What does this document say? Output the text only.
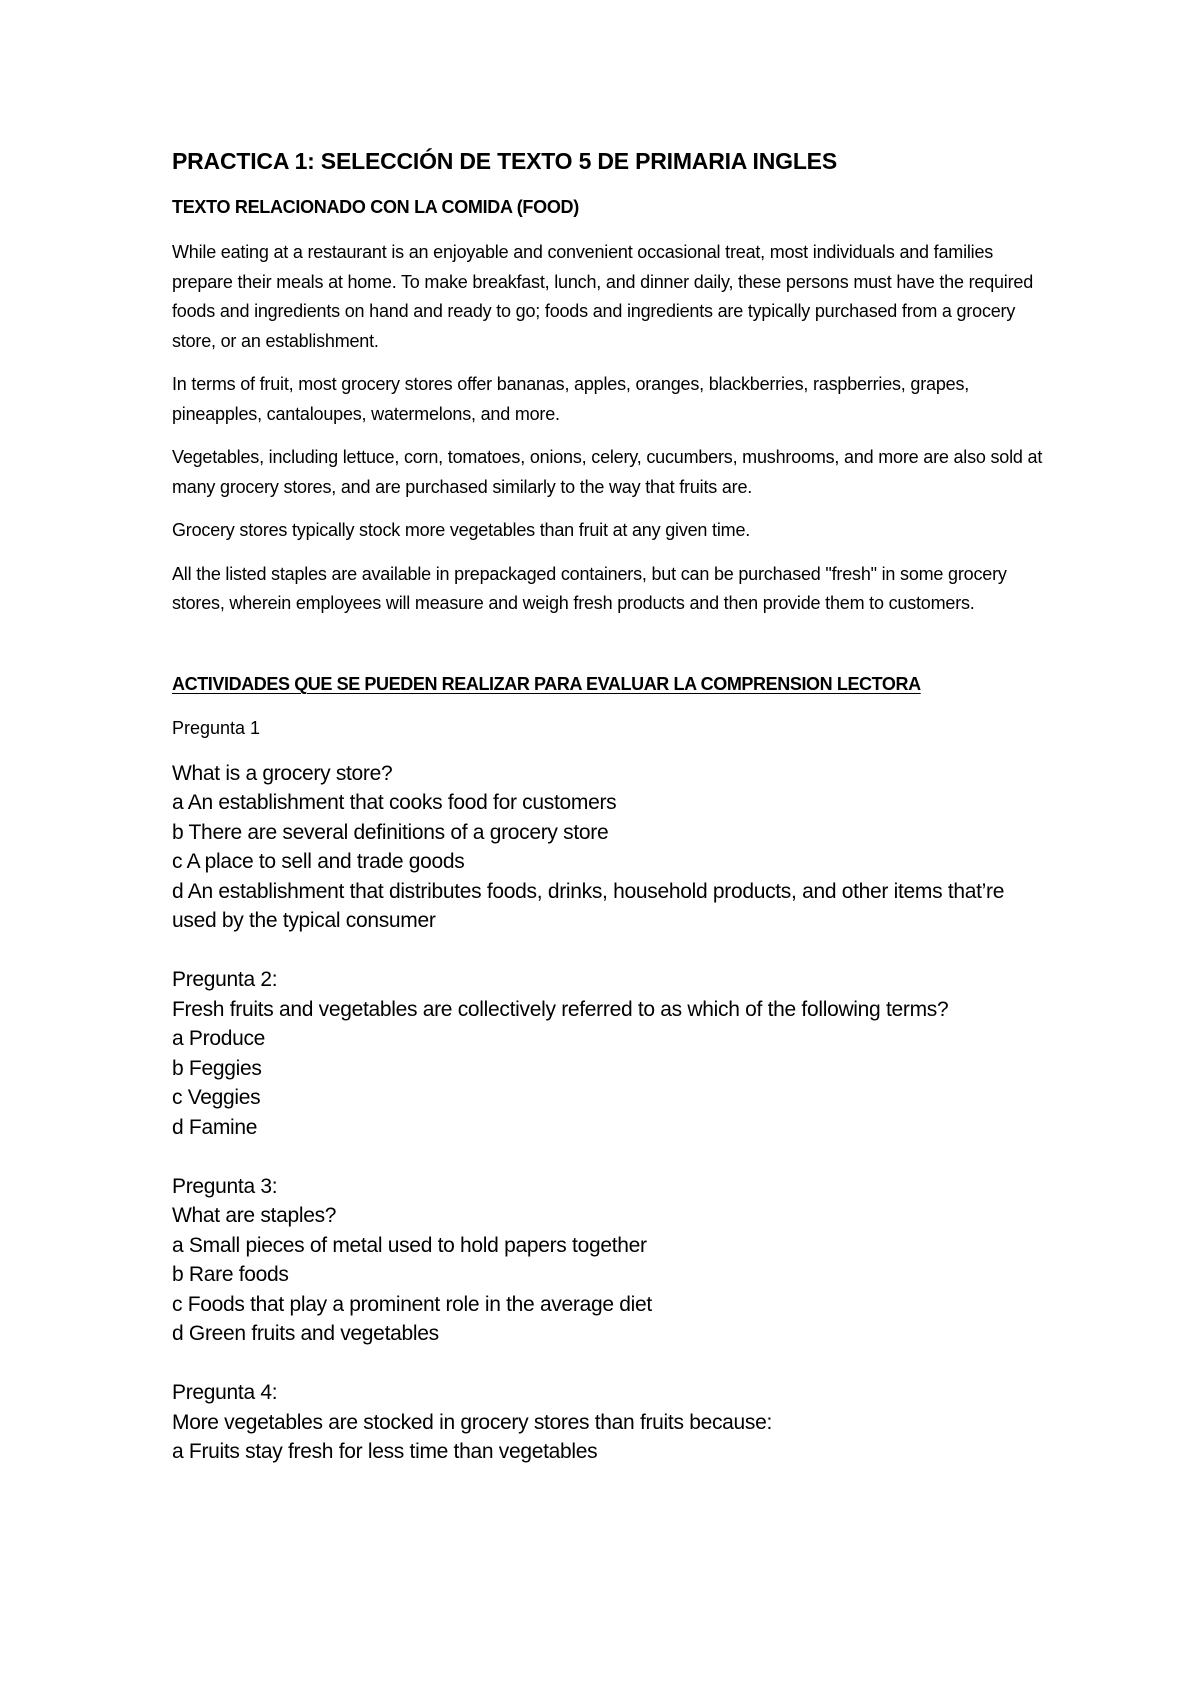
PRACTICA 1: SELECCIÓN DE TEXTO 5 DE PRIMARIA INGLES
TEXTO RELACIONADO CON LA COMIDA (FOOD)

While eating at a restaurant is an enjoyable and convenient occasional treat, most individuals and families prepare their meals at home. To make breakfast, lunch, and dinner daily, these persons must have the required foods and ingredients on hand and ready to go; foods and ingredients are typically purchased from a grocery store, or an establishment.

In terms of fruit, most grocery stores offer bananas, apples, oranges, blackberries, raspberries, grapes, pineapples, cantaloupes, watermelons, and more.

Vegetables, including lettuce, corn, tomatoes, onions, celery, cucumbers, mushrooms, and more are also sold at many grocery stores, and are purchased similarly to the way that fruits are.

Grocery stores typically stock more vegetables than fruit at any given time.

All the listed staples are available in prepackaged containers, but can be purchased "fresh" in some grocery stores, wherein employees will measure and weigh fresh products and then provide them to customers.

ACTIVIDADES QUE SE PUEDEN REALIZAR PARA EVALUAR LA COMPRENSION LECTORA

Pregunta 1

What is a grocery store?
a An establishment that cooks food for customers
b There are several definitions of a grocery store
c A place to sell and trade goods
d An establishment that distributes foods, drinks, household products, and other items that’re used by the typical consumer
Pregunta 2:
Fresh fruits and vegetables are collectively referred to as which of the following terms?
a Produce
b Feggies
c Veggies
d Famine
Pregunta 3:
What are staples?
a Small pieces of metal used to hold papers together
b Rare foods
c Foods that play a prominent role in the average diet
d Green fruits and vegetables
Pregunta 4:
More vegetables are stocked in grocery stores than fruits because:
a Fruits stay fresh for less time than vegetables
